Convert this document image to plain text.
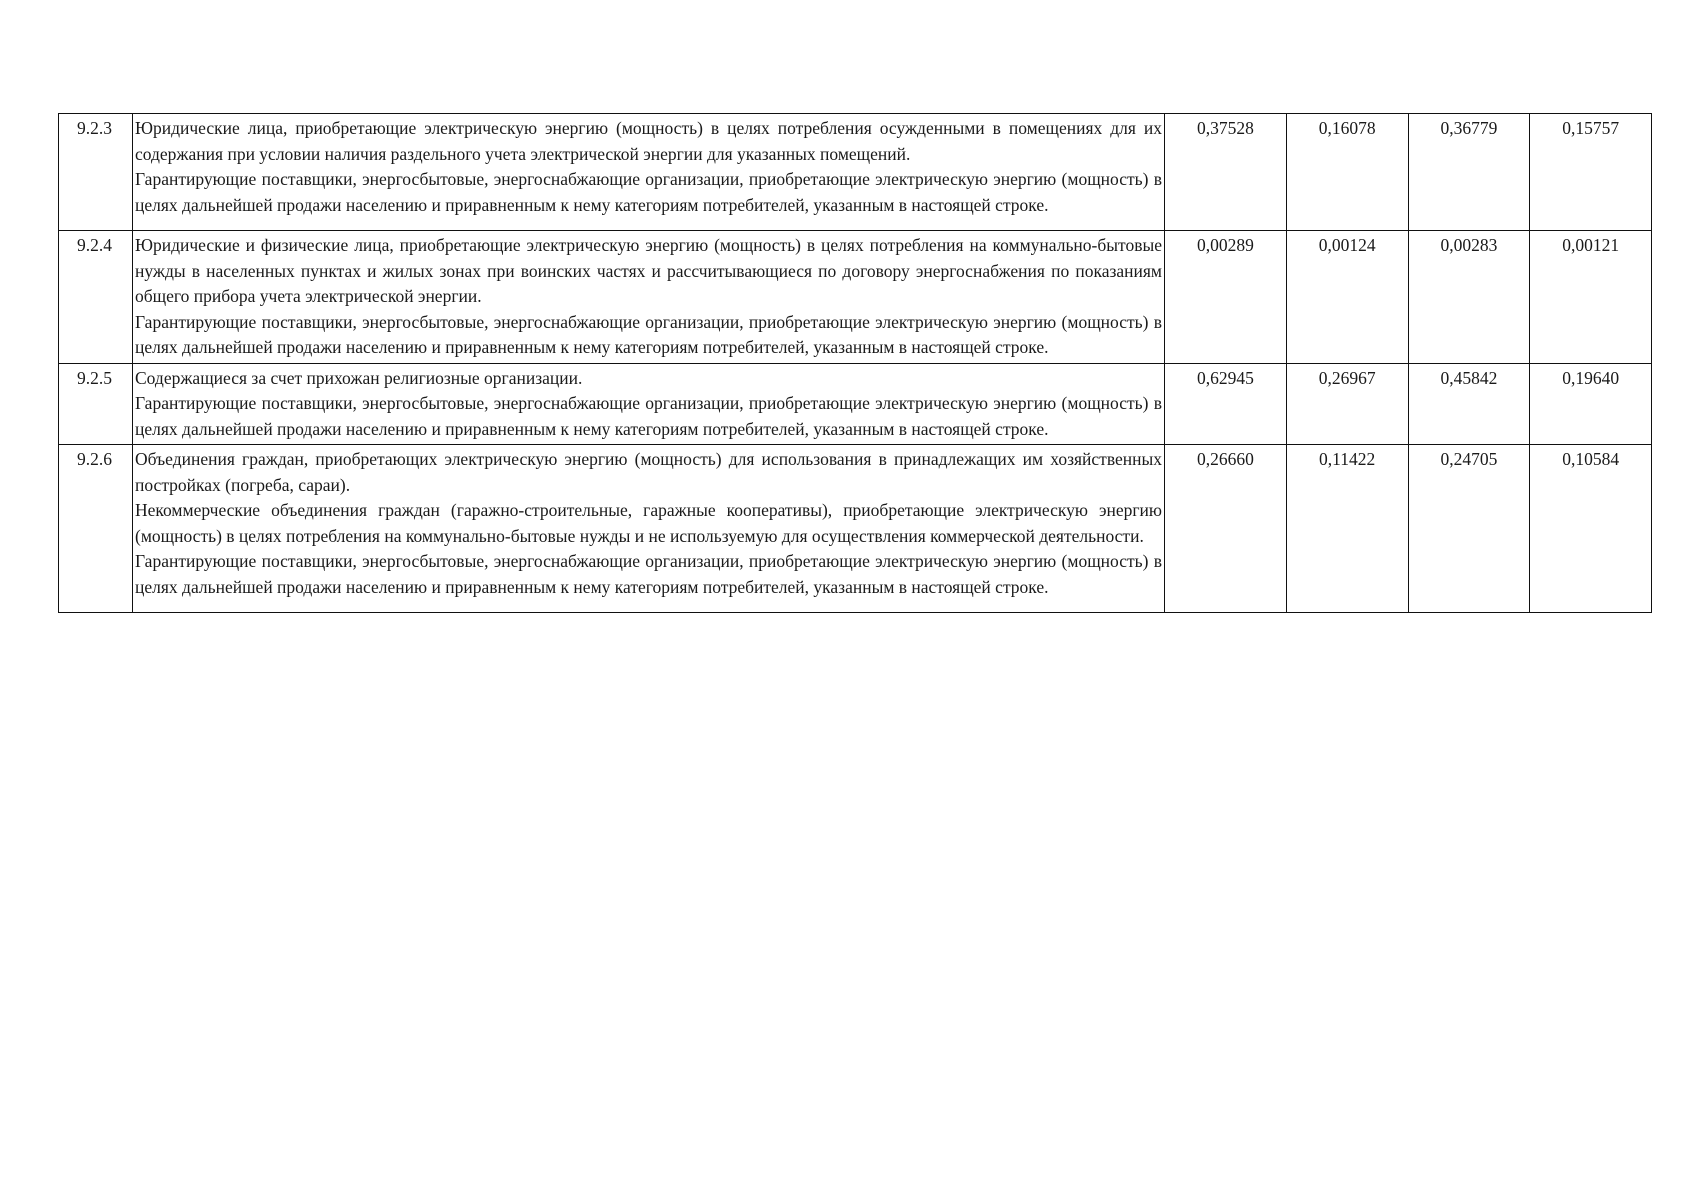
9.2.3	Юридические лица, приобретающие электрическую энергию (мощность) в целях потребления осужденными в помещениях для их содержания при условии наличия раздельного учета электрической энергии для указанных помещений.

Гарантирующие поставщики, энергосбытовые, энергоснабжающие организации, приобретающие электрическую энергию (мощность) в целях дальнейшей продажи населению и приравненным к нему категориям потребителей, указанным в настоящей строке.	0,37528	0,16078	0,36779	0,15757
9.2.4	Юридические и физические лица, приобретающие электрическую энергию (мощность) в целях потребления на коммунально-бытовые нужды в населенных пунктах и жилых зонах при воинских частях и рассчитывающиеся по договору энергоснабжения по показаниям общего прибора учета электрической энергии.

Гарантирующие поставщики, энергосбытовые, энергоснабжающие организации, приобретающие электрическую энергию (мощность) в целях дальнейшей продажи населению и приравненным к нему категориям потребителей, указанным в настоящей строке.	0,00289	0,00124	0,00283	0,00121
9.2.5	Содержащиеся за счет прихожан религиозные организации.

Гарантирующие поставщики, энергосбытовые, энергоснабжающие организации, приобретающие электрическую энергию (мощность) в целях дальнейшей продажи населению и приравненным к нему категориям потребителей, указанным в настоящей строке.	0,62945	0,26967	0,45842	0,19640
9.2.6	Объединения граждан, приобретающих электрическую энергию (мощность) для использования в принадлежащих им хозяйственных постройках (погреба, сараи).

Некоммерческие объединения граждан (гаражно-строительные, гаражные кооперативы), приобретающие электрическую энергию (мощность) в целях потребления на коммунально-бытовые нужды и не используемую для осуществления коммерческой деятельности.

Гарантирующие поставщики, энергосбытовые, энергоснабжающие организации, приобретающие электрическую энергию (мощность) в целях дальнейшей продажи населению и приравненным к нему категориям потребителей, указанным в настоящей строке.	0,26660	0,11422	0,24705	0,10584
